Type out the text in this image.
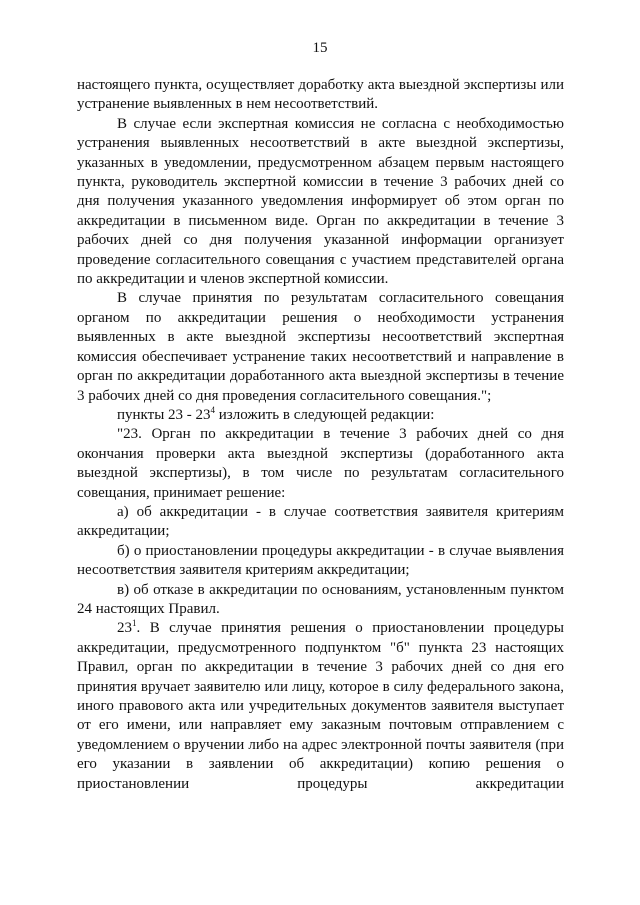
15

настоящего пункта, осуществляет доработку акта выездной экспертизы или устранение выявленных в нем несоответствий.

В случае если экспертная комиссия не согласна с необходимостью устранения выявленных несоответствий в акте выездной экспертизы, указанных в уведомлении, предусмотренном абзацем первым настоящего пункта, руководитель экспертной комиссии в течение 3 рабочих дней со дня получения указанного уведомления информирует об этом орган по аккредитации в письменном виде. Орган по аккредитации в течение 3 рабочих дней со дня получения указанной информации организует проведение согласительного совещания с участием представителей органа по аккредитации и членов экспертной комиссии.

В случае принятия по результатам согласительного совещания органом по аккредитации решения о необходимости устранения выявленных в акте выездной экспертизы несоответствий экспертная комиссия обеспечивает устранение таких несоответствий и направление в орган по аккредитации доработанного акта выездной экспертизы в течение 3 рабочих дней со дня проведения согласительного совещания.";

пункты $23 - 23^4$ изложить в следующей редакции:

"23. Орган по аккредитации в течение 3 рабочих дней со дня окончания проверки акта выездной экспертизы (доработанного акта выездной экспертизы), в том числе по результатам согласительного совещания, принимает решение:

а) об аккредитации - в случае соответствия заявителя критериям аккредитации;

б) о приостановлении процедуры аккредитации - в случае выявления несоответствия заявителя критериям аккредитации;

в) об отказе в аккредитации по основаниям, установленным пунктом 24 настоящих Правил.

$23^1$. В случае принятия решения о приостановлении процедуры аккредитации, предусмотренного подпунктом "б" пункта 23 настоящих Правил, орган по аккредитации в течение 3 рабочих дней со дня его принятия вручает заявителю или лицу, которое в силу федерального закона, иного правового акта или учредительных документов заявителя выступает от его имени, или направляет ему заказным почтовым отправлением с уведомлением о вручении либо на адрес электронной почты заявителя (при его указании в заявлении об аккредитации) копию решения о приостановлении процедуры аккредитации
